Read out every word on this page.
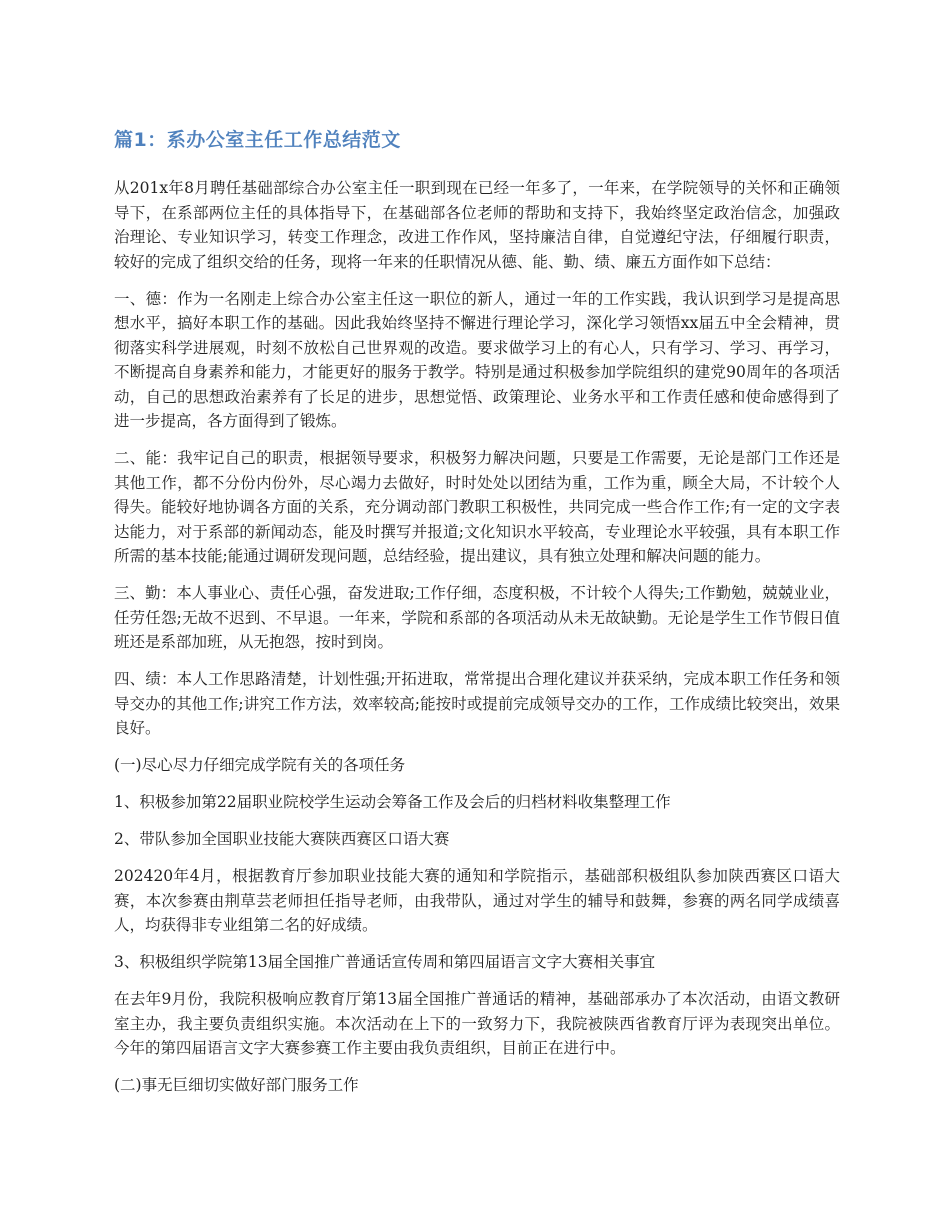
篇1：系办公室主任工作总结范文

从201x年8月聘任基础部综合办公室主任一职到现在已经一年多了，一年来，在学院领导的关怀和正确领导下，在系部两位主任的具体指导下，在基础部各位老师的帮助和支持下，我始终坚定政治信念，加强政治理论、专业知识学习，转变工作理念，改进工作作风，坚持廉洁自律，自觉遵纪守法，仔细履行职责，较好的完成了组织交给的任务，现将一年来的任职情况从德、能、勤、绩、廉五方面作如下总结：

一、德：作为一名刚走上综合办公室主任这一职位的新人，通过一年的工作实践，我认识到学习是提高思想水平，搞好本职工作的基础。因此我始终坚持不懈进行理论学习，深化学习领悟xx届五中全会精神，贯彻落实科学进展观，时刻不放松自己世界观的改造。要求做学习上的有心人，只有学习、学习、再学习，不断提高自身素养和能力，才能更好的服务于教学。特别是通过积极参加学院组织的建党90周年的各项活动，自己的思想政治素养有了长足的进步，思想觉悟、政策理论、业务水平和工作责任感和使命感得到了进一步提高，各方面得到了锻炼。

二、能：我牢记自己的职责，根据领导要求，积极努力解决问题，只要是工作需要，无论是部门工作还是其他工作，都不分份内份外，尽心竭力去做好，时时处处以团结为重，工作为重，顾全大局，不计较个人得失。能较好地协调各方面的关系，充分调动部门教职工积极性，共同完成一些合作工作;有一定的文字表达能力，对于系部的新闻动态，能及时撰写并报道;文化知识水平较高，专业理论水平较强，具有本职工作所需的基本技能;能通过调研发现问题，总结经验，提出建议，具有独立处理和解决问题的能力。

三、勤：本人事业心、责任心强，奋发进取;工作仔细，态度积极，不计较个人得失;工作勤勉，兢兢业业，任劳任怨;无故不迟到、不早退。一年来，学院和系部的各项活动从未无故缺勤。无论是学生工作节假日值班还是系部加班，从无抱怨，按时到岗。

四、绩：本人工作思路清楚，计划性强;开拓进取，常常提出合理化建议并获采纳，完成本职工作任务和领导交办的其他工作;讲究工作方法，效率较高;能按时或提前完成领导交办的工作，工作成绩比较突出，效果良好。

(一)尽心尽力仔细完成学院有关的各项任务

1、积极参加第22届职业院校学生运动会筹备工作及会后的归档材料收集整理工作

2、带队参加全国职业技能大赛陕西赛区口语大赛

202420年4月，根据教育厅参加职业技能大赛的通知和学院指示，基础部积极组队参加陕西赛区口语大赛，本次参赛由荆草芸老师担任指导老师，由我带队，通过对学生的辅导和鼓舞，参赛的两名同学成绩喜人，均获得非专业组第二名的好成绩。

3、积极组织学院第13届全国推广普通话宣传周和第四届语言文字大赛相关事宜

在去年9月份，我院积极响应教育厅第13届全国推广普通话的精神，基础部承办了本次活动，由语文教研室主办，我主要负责组织实施。本次活动在上下的一致努力下，我院被陕西省教育厅评为表现突出单位。今年的第四届语言文字大赛参赛工作主要由我负责组织，目前正在进行中。

(二)事无巨细切实做好部门服务工作
